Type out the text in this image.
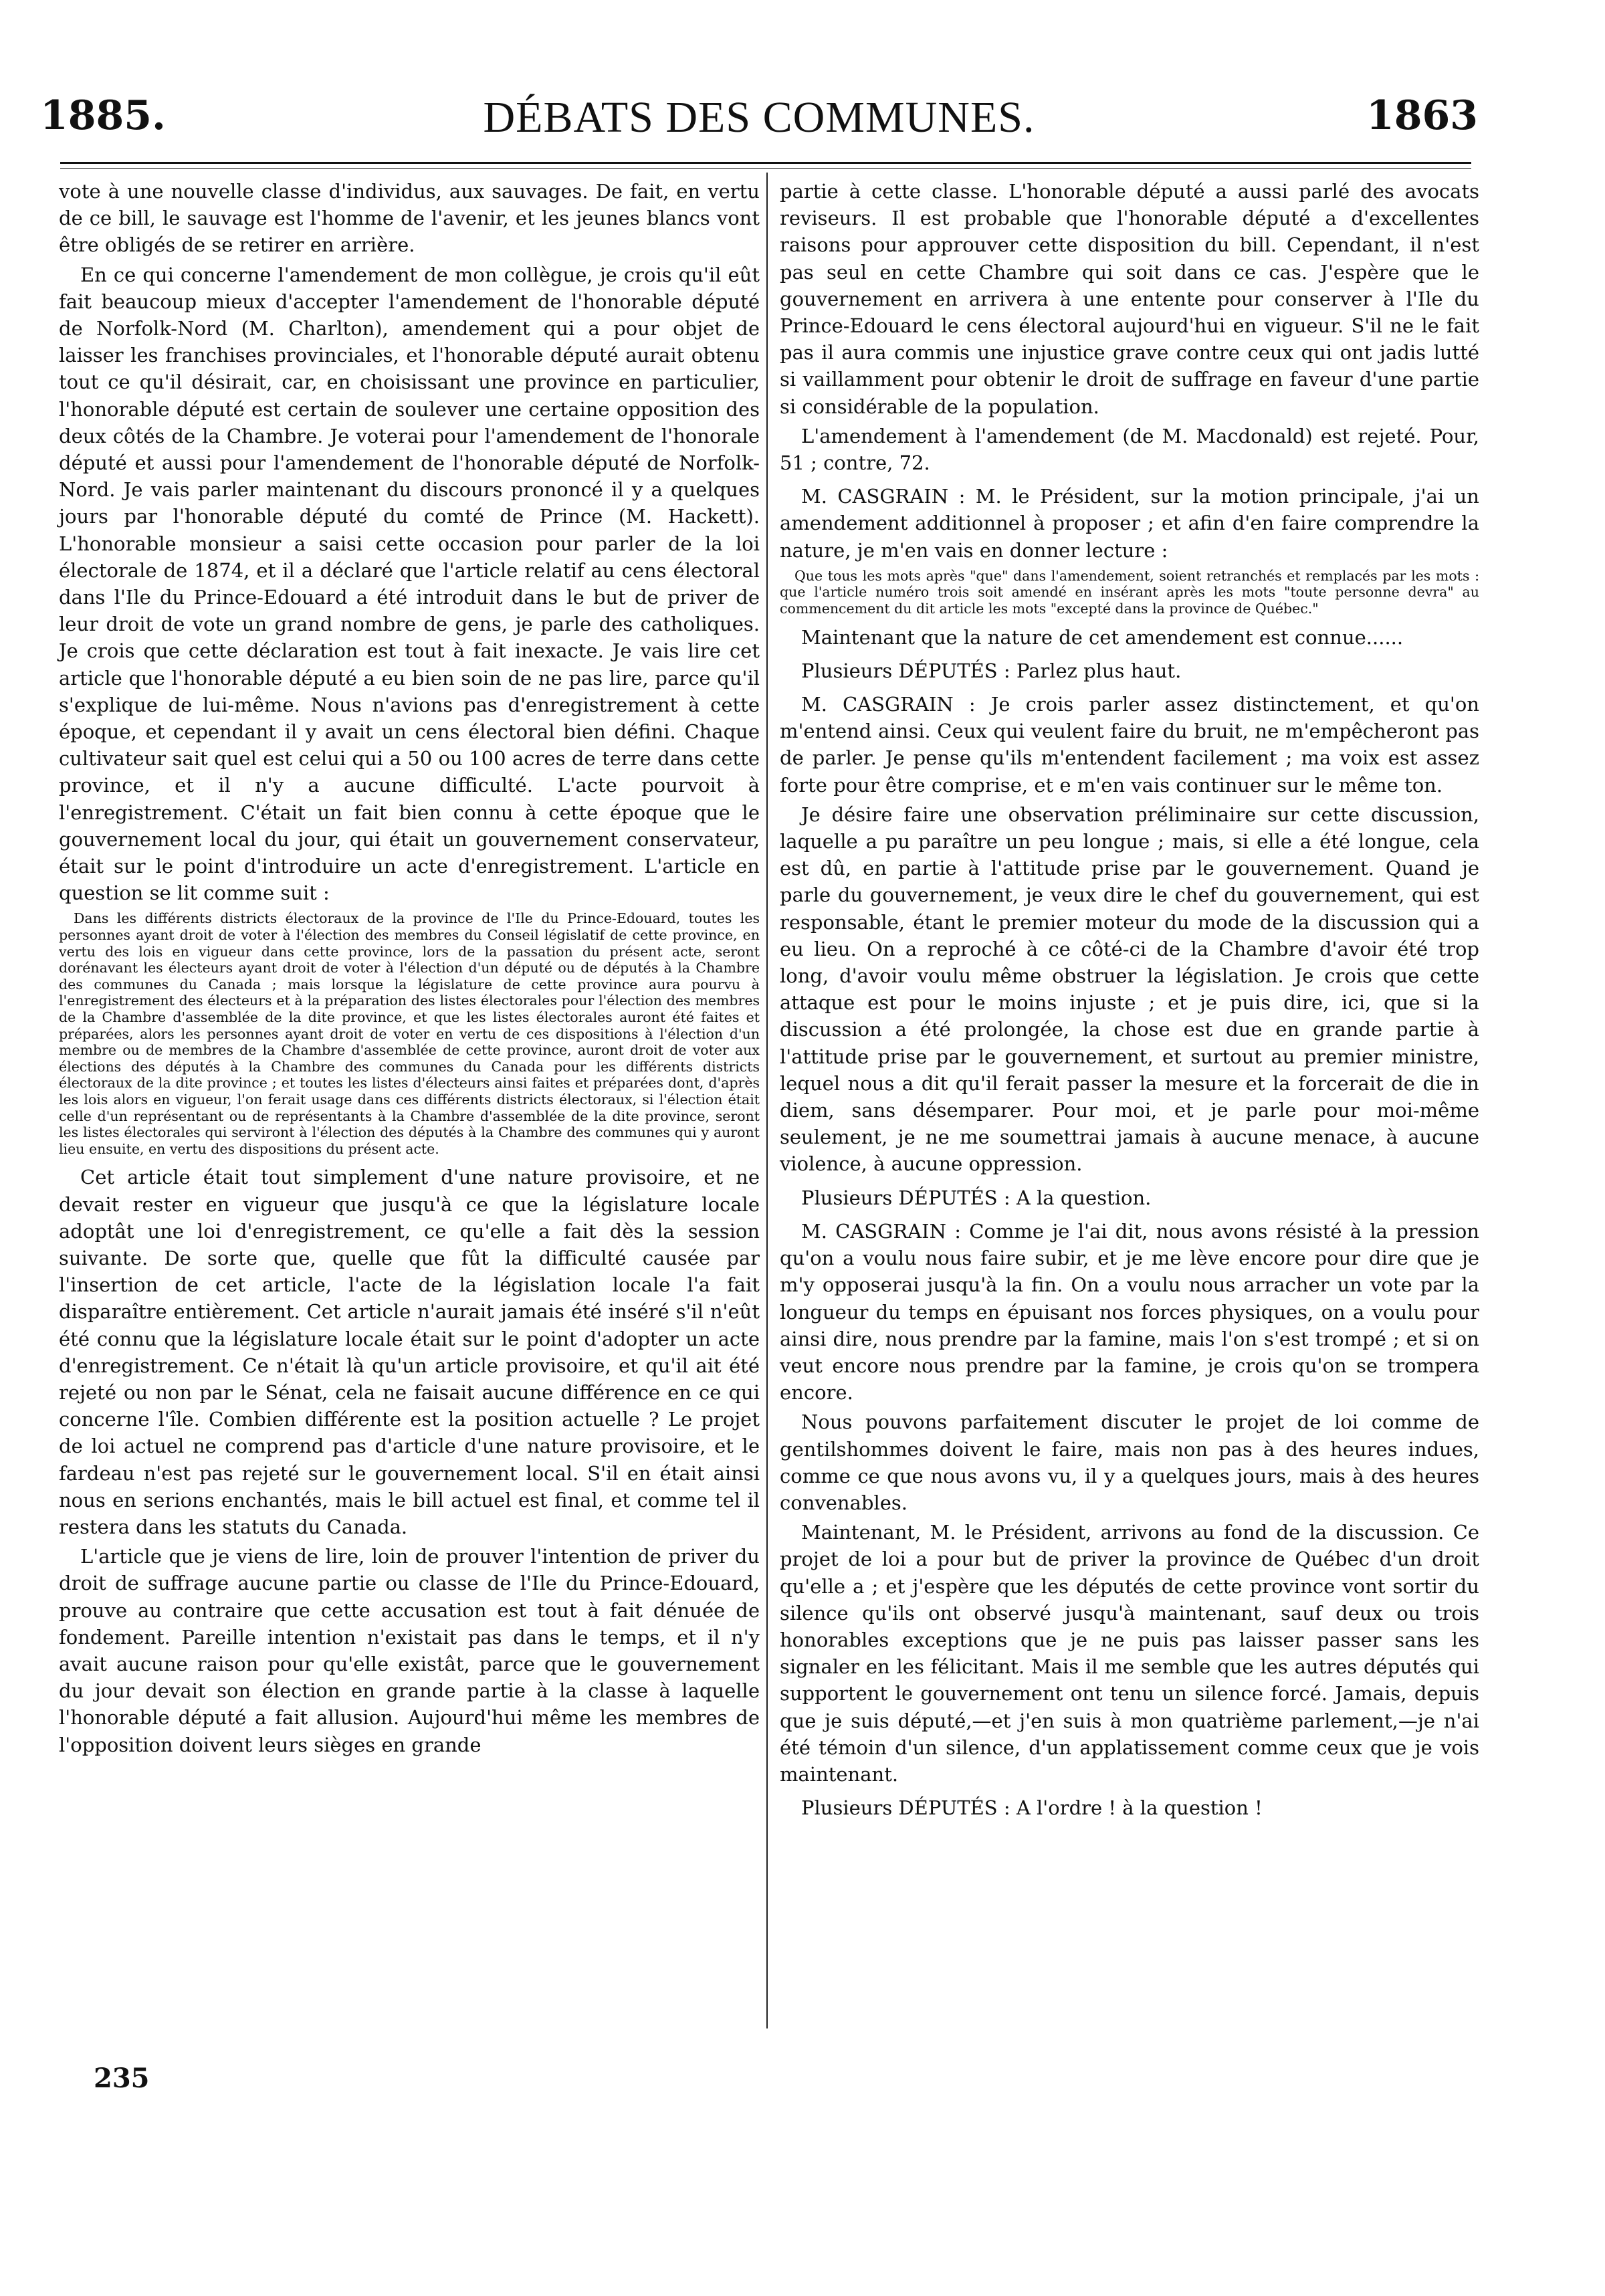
1885.	DÉBATS DES COMMUNES.	1863

vote à une nouvelle classe d'individus, aux sauvages. De fait, en vertu de ce bill, le sauvage est l'homme de l'avenir, et les jeunes blancs vont être obligés de se retirer en arrière.

En ce qui concerne l'amendement de mon collègue, je crois qu'il eût fait beaucoup mieux d'accepter l'amendement de l'honorable député de Norfolk-Nord (M. Charlton), amendement qui a pour objet de laisser les franchises provinciales, et l'honorable député aurait obtenu tout ce qu'il désirait, car, en choisissant une province en particulier, l'honorable député est certain de soulever une certaine opposition des deux côtés de la Chambre. Je voterai pour l'amendement de l'honorale député et aussi pour l'amendement de l'honorable député de Norfolk-Nord. Je vais parler maintenant du discours prononcé il y a quelques jours par l'honorable député du comté de Prince (M. Hackett). L'honorable monsieur a saisi cette occasion pour parler de la loi électorale de 1874, et il a déclaré que l'article relatif au cens électoral dans l'Ile du Prince-Edouard a été introduit dans le but de priver de leur droit de vote un grand nombre de gens, je parle des catholiques. Je crois que cette déclaration est tout à fait inexacte. Je vais lire cet article que l'honorable député a eu bien soin de ne pas lire, parce qu'il s'explique de lui-même. Nous n'avions pas d'enregistrement à cette époque, et cependant il y avait un cens électoral bien défini. Chaque cultivateur sait quel est celui qui a 50 ou 100 acres de terre dans cette province, et il n'y a aucune difficulté. L'acte pourvoit à l'enregistrement. C'était un fait bien connu à cette époque que le gouvernement local du jour, qui était un gouvernement conservateur, était sur le point d'introduire un acte d'enregistrement. L'article en question se lit comme suit :

Dans les différents districts électoraux de la province de l'Ile du Prince-Edouard, toutes les personnes ayant droit de voter à l'élection des membres du Conseil législatif de cette province, en vertu des lois en vigueur dans cette province, lors de la passation du présent acte, seront dorénavant les électeurs ayant droit de voter à l'élection d'un député ou de députés à la Chambre des communes du Canada ; mais lorsque la législature de cette province aura pourvu à l'enregistrement des électeurs et à la préparation des listes électorales pour l'élection des membres de la Chambre d'assemblée de la dite province, et que les listes électorales auront été faites et préparées, alors les personnes ayant droit de voter en vertu de ces dispositions à l'élection d'un membre ou de membres de la Chambre d'assemblée de cette province, auront droit de voter aux élections des députés à la Chambre des communes du Canada pour les différents districts électoraux de la dite province ; et toutes les listes d'électeurs ainsi faites et préparées dont, d'après les lois alors en vigueur, l'on ferait usage dans ces différents districts électoraux, si l'élection était celle d'un représentant ou de représentants à la Chambre d'assemblée de la dite province, seront les listes électorales qui serviront à l'élection des députés à la Chambre des communes qui y auront lieu ensuite, en vertu des dispositions du présent acte.

Cet article était tout simplement d'une nature provisoire, et ne devait rester en vigueur que jusqu'à ce que la législature locale adoptât une loi d'enregistrement, ce qu'elle a fait dès la session suivante. De sorte que, quelle que fût la difficulté causée par l'insertion de cet article, l'acte de la législation locale l'a fait disparaître entièrement. Cet article n'aurait jamais été inséré s'il n'eût été connu que la législature locale était sur le point d'adopter un acte d'enregistrement. Ce n'était là qu'un article provisoire, et qu'il ait été rejeté ou non par le Sénat, cela ne faisait aucune différence en ce qui concerne l'île. Combien différente est la position actuelle ? Le projet de loi actuel ne comprend pas d'article d'une nature provisoire, et le fardeau n'est pas rejeté sur le gouvernement local. S'il en était ainsi nous en serions enchantés, mais le bill actuel est final, et comme tel il restera dans les statuts du Canada.

L'article que je viens de lire, loin de prouver l'intention de priver du droit de suffrage aucune partie ou classe de l'Ile du Prince-Edouard, prouve au contraire que cette accusation est tout à fait dénuée de fondement. Pareille intention n'existait pas dans le temps, et il n'y avait aucune raison pour qu'elle existât, parce que le gouvernement du jour devait son élection en grande partie à la classe à laquelle l'honorable député a fait allusion. Aujourd'hui même les membres de l'opposition doivent leurs sièges en grande

235

partie à cette classe. L'honorable député a aussi parlé des avocats reviseurs. Il est probable que l'honorable député a d'excellentes raisons pour approuver cette disposition du bill. Cependant, il n'est pas seul en cette Chambre qui soit dans ce cas. J'espère que le gouvernement en arrivera à une entente pour conserver à l'Ile du Prince-Edouard le cens électoral aujourd'hui en vigueur. S'il ne le fait pas il aura commis une injustice grave contre ceux qui ont jadis lutté si vaillamment pour obtenir le droit de suffrage en faveur d'une partie si considérable de la population.

L'amendement à l'amendement (de M. Macdonald) est rejeté. Pour, 51 ; contre, 72.

M. CASGRAIN : M. le Président, sur la motion principale, j'ai un amendement additionnel à proposer ; et afin d'en faire comprendre la nature, je m'en vais en donner lecture :

Que tous les mots après "que" dans l'amendement, soient retranchés et remplacés par les mots : que l'article numéro trois soit amendé en insérant après les mots "toute personne devra" au commencement du dit article les mots "excepté dans la province de Québec."

Maintenant que la nature de cet amendement est connue......

Plusieurs DÉPUTÉS : Parlez plus haut.

M. CASGRAIN : Je crois parler assez distinctement, et qu'on m'entend ainsi. Ceux qui veulent faire du bruit, ne m'empêcheront pas de parler. Je pense qu'ils m'entendent facilement ; ma voix est assez forte pour être comprise, et e m'en vais continuer sur le même ton.

Je désire faire une observation préliminaire sur cette discussion, laquelle a pu paraître un peu longue ; mais, si elle a été longue, cela est dû, en partie à l'attitude prise par le gouvernement. Quand je parle du gouvernement, je veux dire le chef du gouvernement, qui est responsable, étant le premier moteur du mode de la discussion qui a eu lieu. On a reproché à ce côté-ci de la Chambre d'avoir été trop long, d'avoir voulu même obstruer la législation. Je crois que cette attaque est pour le moins injuste ; et je puis dire, ici, que si la discussion a été prolongée, la chose est due en grande partie à l'attitude prise par le gouvernement, et surtout au premier ministre, lequel nous a dit qu'il ferait passer la mesure et la forcerait de die in diem, sans désemparer. Pour moi, et je parle pour moi-même seulement, je ne me soumettrai jamais à aucune menace, à aucune violence, à aucune oppression.

Plusieurs DÉPUTÉS : A la question.

M. CASGRAIN : Comme je l'ai dit, nous avons résisté à la pression qu'on a voulu nous faire subir, et je me lève encore pour dire que je m'y opposerai jusqu'à la fin. On a voulu nous arracher un vote par la longueur du temps en épuisant nos forces physiques, on a voulu pour ainsi dire, nous prendre par la famine, mais l'on s'est trompé ; et si on veut encore nous prendre par la famine, je crois qu'on se trompera encore.

Nous pouvons parfaitement discuter le projet de loi comme de gentilshommes doivent le faire, mais non pas à des heures indues, comme ce que nous avons vu, il y a quelques jours, mais à des heures convenables.

Maintenant, M. le Président, arrivons au fond de la discussion. Ce projet de loi a pour but de priver la province de Québec d'un droit qu'elle a ; et j'espère que les députés de cette province vont sortir du silence qu'ils ont observé jusqu'à maintenant, sauf deux ou trois honorables exceptions que je ne puis pas laisser passer sans les signaler en les félicitant. Mais il me semble que les autres députés qui supportent le gouvernement ont tenu un silence forcé. Jamais, depuis que je suis député,—et j'en suis à mon quatrième parlement,—je n'ai été témoin d'un silence, d'un applatissement comme ceux que je vois maintenant.

Plusieurs DÉPUTÉS : A l'ordre ! à la question !
